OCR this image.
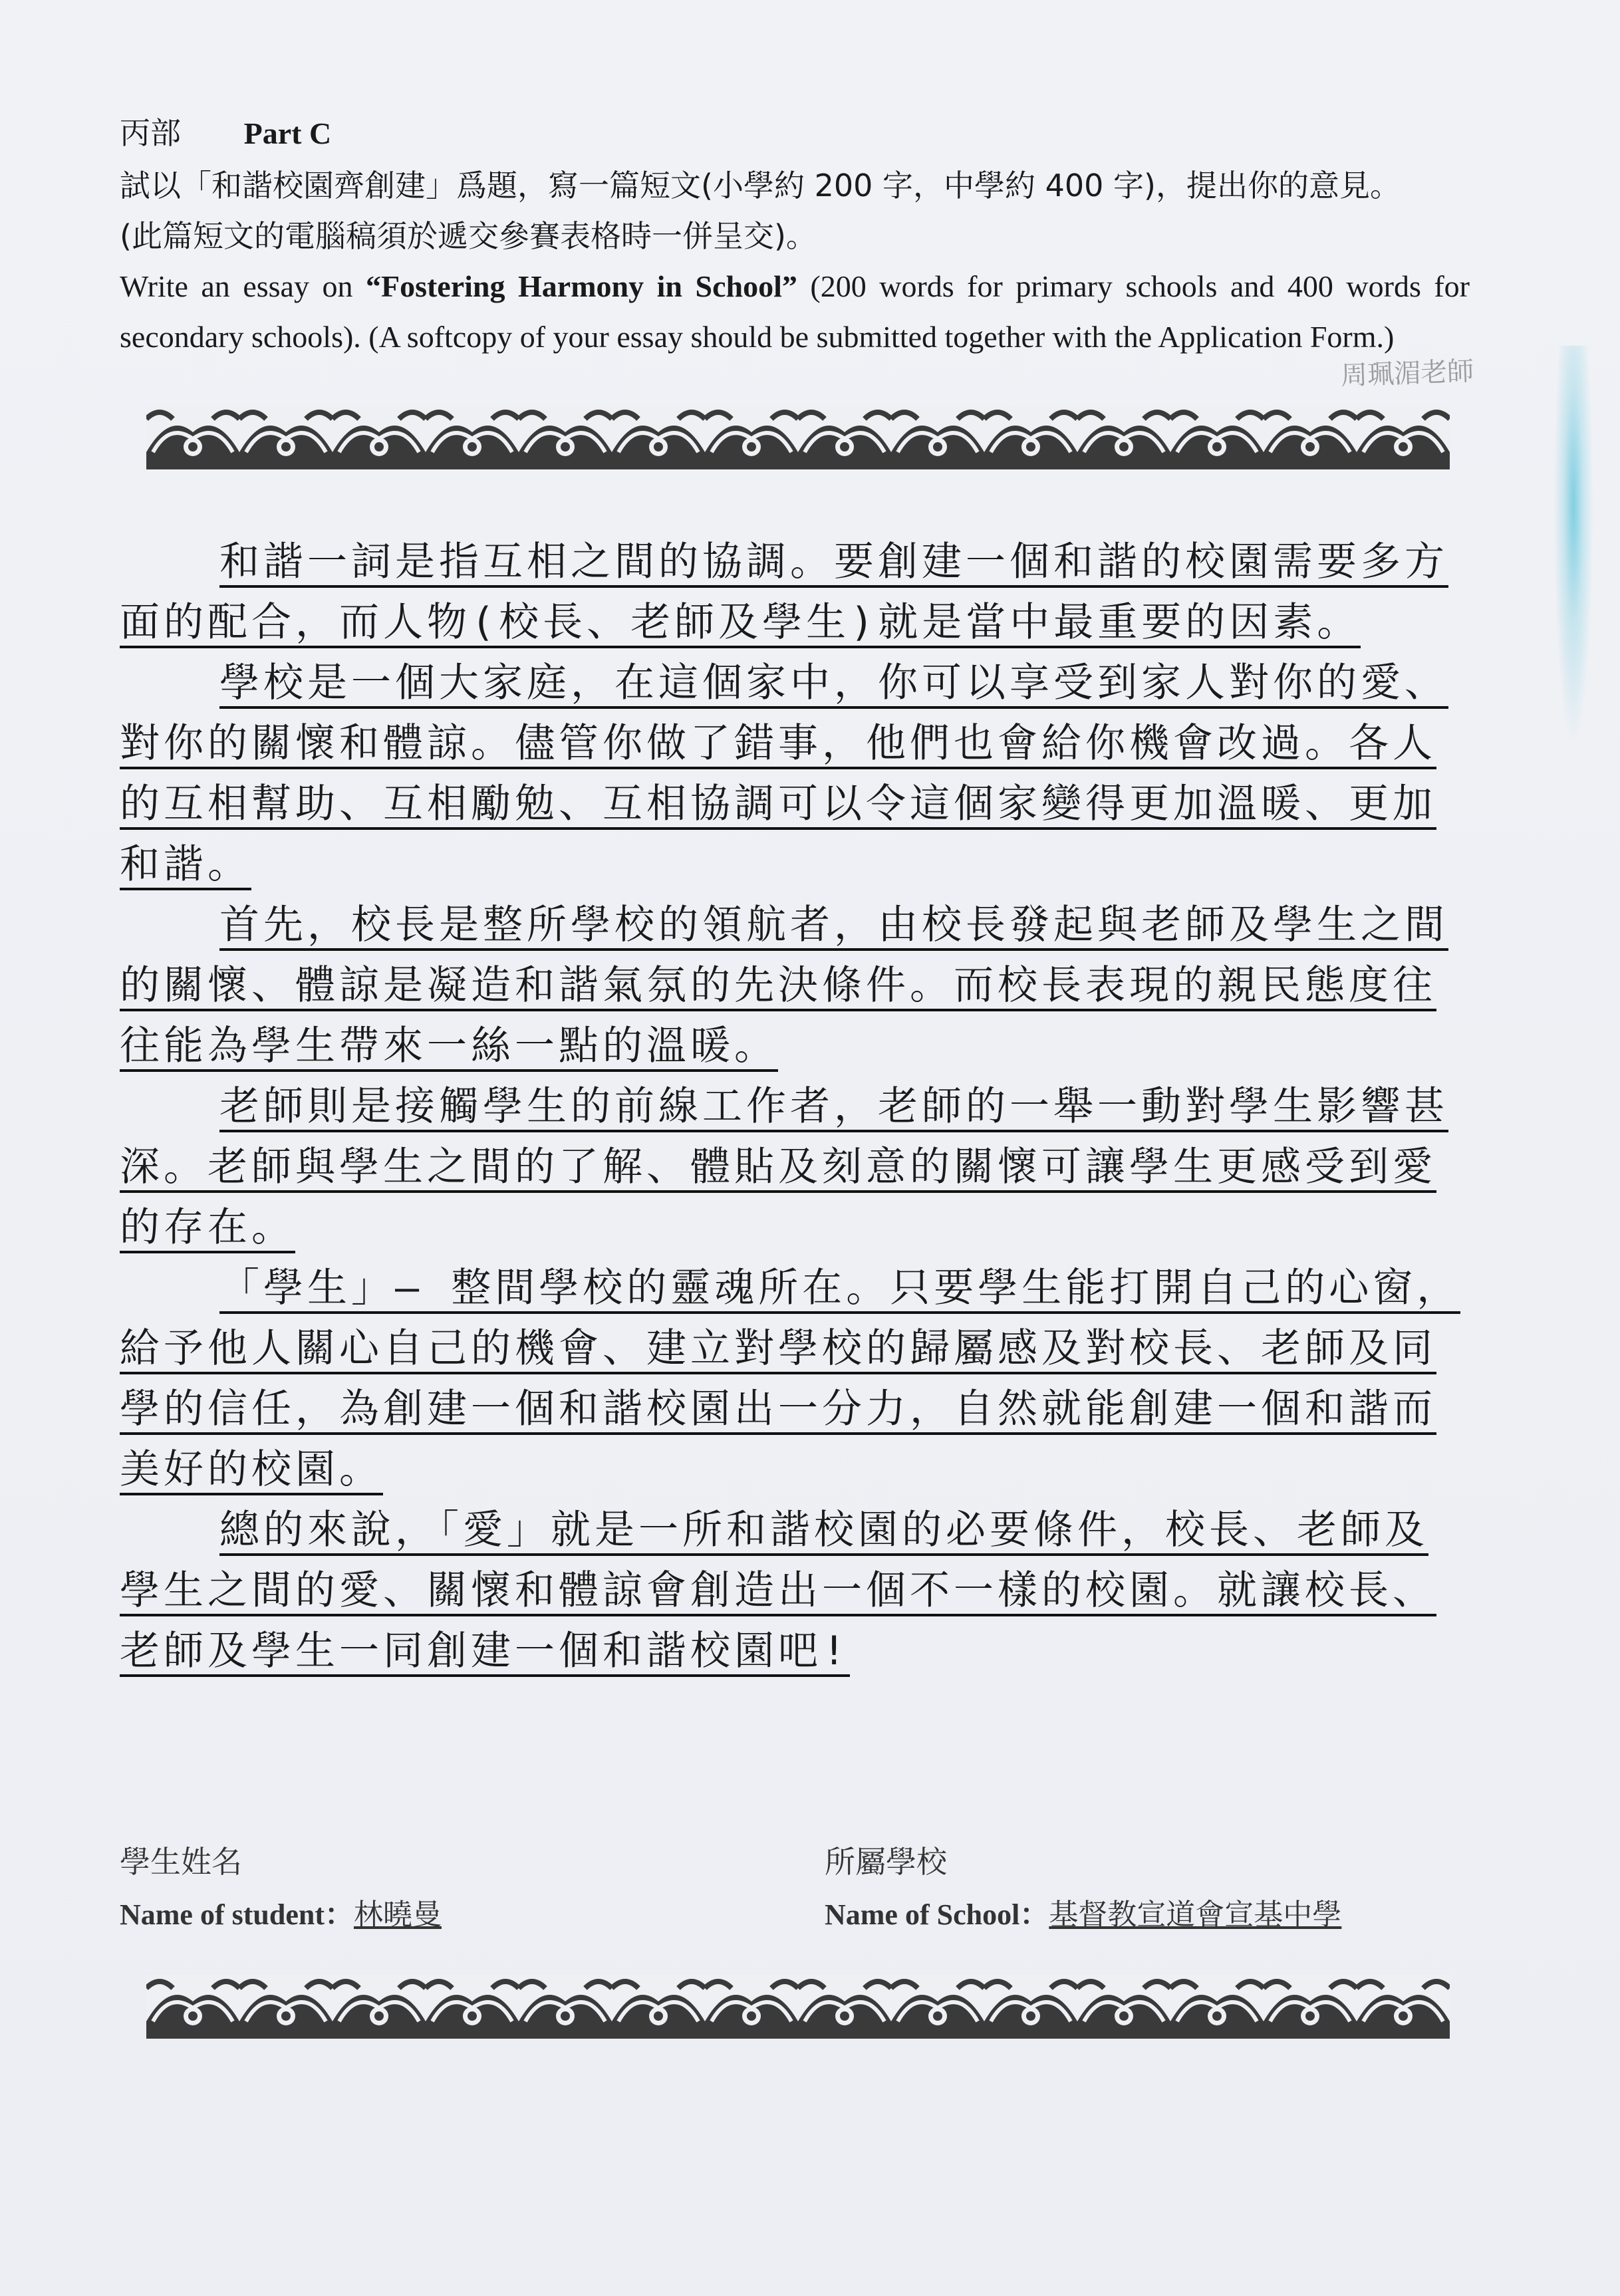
丙部 Part C
試以「和諧校園齊創建」爲題，寫一篇短文(小學約 200 字，中學約 400 字)，提出你的意見。
(此篇短文的電腦稿須於遞交參賽表格時一併呈交)。
Write an essay on “Fostering Harmony in School” (200 words for primary schools and 400 words for secondary schools). (A softcopy of your essay should be submitted together with the Application Form.)
周珮湄老師
和諧一詞是指互相之間的協調。要創建一個和諧的校園需要多方面的配合，而人物(校長、老師及學生)就是當中最重要的因素。
學校是一個大家庭，在這個家中，你可以享受到家人對你的愛、對你的關懷和體諒。儘管你做了錯事，他們也會給你機會改過。各人的互相幫助、互相勵勉、互相協調可以令這個家變得更加溫暖、更加和諧。
首先，校長是整所學校的領航者，由校長發起與老師及學生之間的關懷、體諒是凝造和諧氣氛的先決條件。而校長表現的親民態度往往能為學生帶來一絲一點的溫暖。
老師則是接觸學生的前線工作者，老師的一舉一動對學生影響甚深。老師與學生之間的了解、體貼及刻意的關懷可讓學生更感受到愛的存在。
「學生」— 整間學校的靈魂所在。只要學生能打開自己的心窗，給予他人關心自己的機會、建立對學校的歸屬感及對校長、老師及同學的信任，為創建一個和諧校園出一分力，自然就能創建一個和諧而美好的校園。
總的來說，「愛」就是一所和諧校園的必要條件，校長、老師及學生之間的愛、關懷和體諒會創造出一個不一樣的校園。就讓校長、老師及學生一同創建一個和諧校園吧!
學生姓名
Name of student：林曉曼
所屬學校
Name of School：基督教宣道會宣基中學
